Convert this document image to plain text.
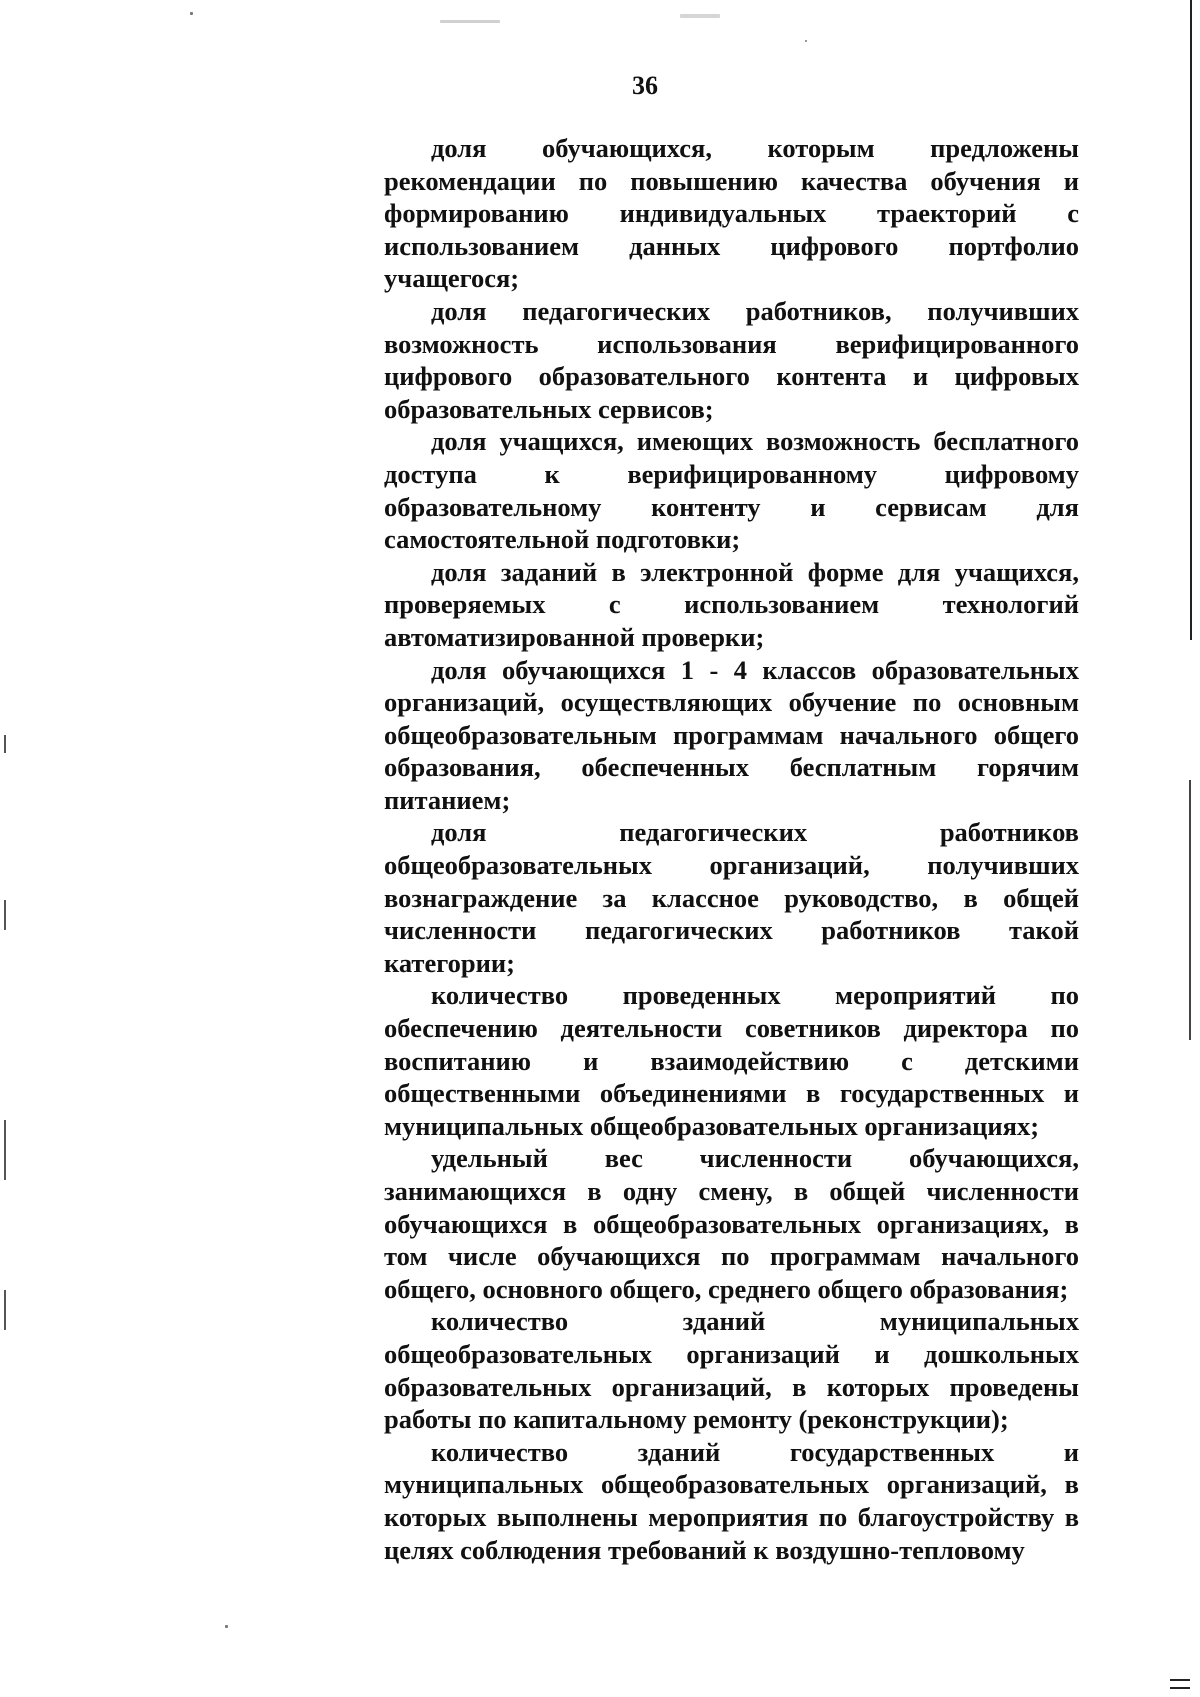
36

доля обучающихся, которым предложены рекомендации по повышению качества обучения и формированию индивидуальных траекторий с использованием данных цифрового портфолио учащегося;

доля педагогических работников, получивших возможность использования верифицированного цифрового образовательного контента и цифровых образовательных сервисов;

доля учащихся, имеющих возможность бесплатного доступа к верифицированному цифровому образовательному контенту и сервисам для самостоятельной подготовки;

доля заданий в электронной форме для учащихся, проверяемых с использованием технологий автоматизированной проверки;

доля обучающихся 1 - 4 классов образовательных организаций, осуществляющих обучение по основным общеобразовательным программам начального общего образования, обеспеченных бесплатным горячим питанием;

доля педагогических работников общеобразовательных организаций, получивших вознаграждение за классное руководство, в общей численности педагогических работников такой категории;

количество проведенных мероприятий по обеспечению деятельности советников директора по воспитанию и взаимодействию с детскими общественными объединениями в государственных и муниципальных общеобразовательных организациях;

удельный вес численности обучающихся, занимающихся в одну смену, в общей численности обучающихся в общеобразовательных организациях, в том числе обучающихся по программам начального общего, основного общего, среднего общего образования;

количество зданий муниципальных общеобразовательных организаций и дошкольных образовательных организаций, в которых проведены работы по капитальному ремонту (реконструкции);

количество зданий государственных и муниципальных общеобразовательных организаций, в которых выполнены мероприятия по благоустройству в целях соблюдения требований к воздушно-тепловому
